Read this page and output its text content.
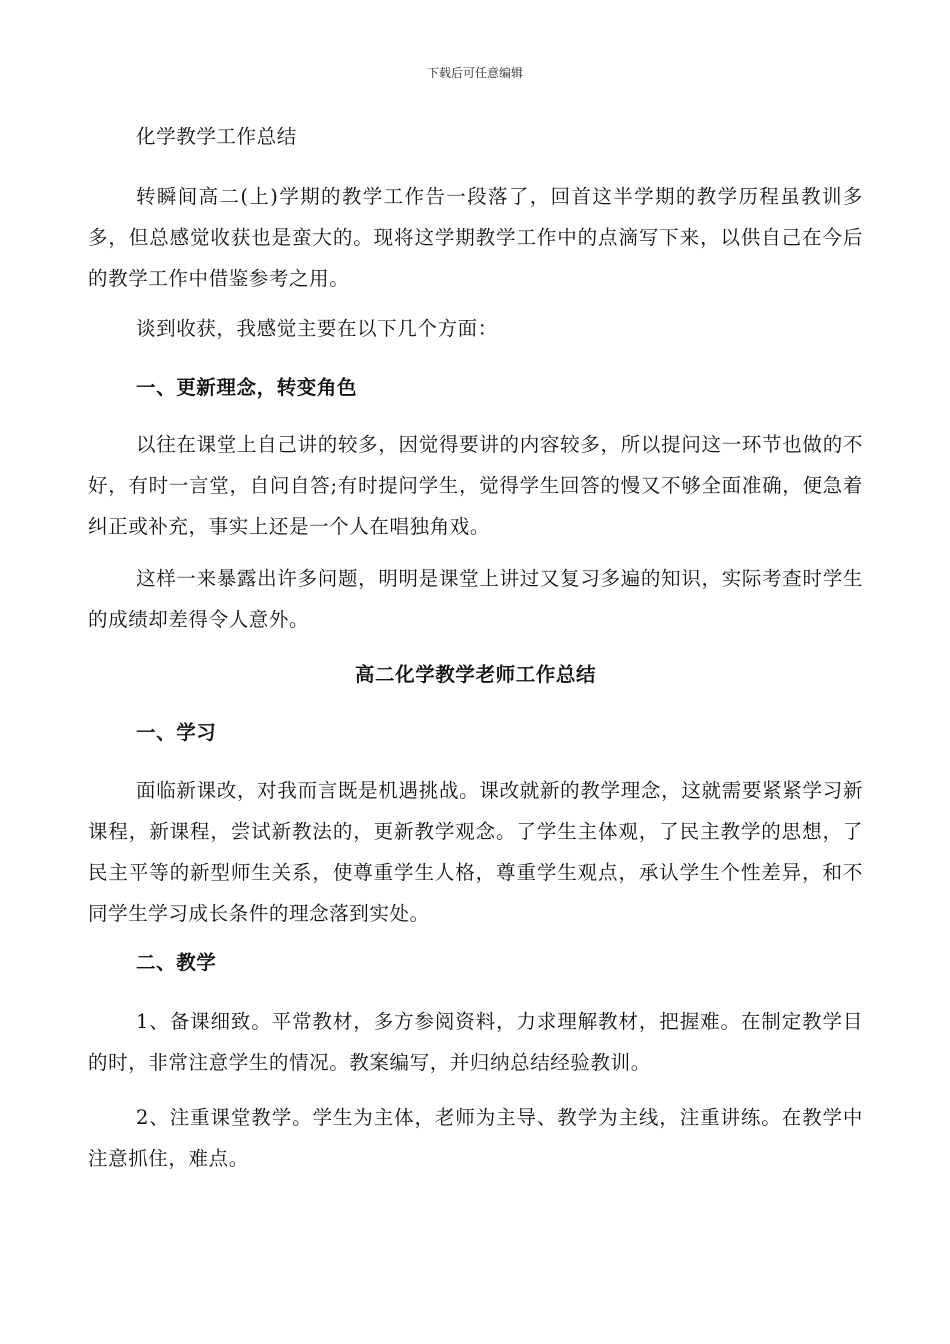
下载后可任意编辑

化学教学工作总结

转瞬间高二(上)学期的教学工作告一段落了，回首这半学期的教学历程虽教训多多，但总感觉收获也是蛮大的。现将这学期教学工作中的点滴写下来，以供自己在今后的教学工作中借鉴参考之用。

谈到收获，我感觉主要在以下几个方面：

一、更新理念，转变角色

以往在课堂上自己讲的较多，因觉得要讲的内容较多，所以提问这一环节也做的不好，有时一言堂，自问自答;有时提问学生，觉得学生回答的慢又不够全面准确，便急着纠正或补充，事实上还是一个人在唱独角戏。

这样一来暴露出许多问题，明明是课堂上讲过又复习多遍的知识，实际考查时学生的成绩却差得令人意外。

高二化学教学老师工作总结

一、学习

面临新课改，对我而言既是机遇挑战。课改就新的教学理念，这就需要紧紧学习新课程，新课程，尝试新教法的，更新教学观念。了学生主体观，了民主教学的思想，了民主平等的新型师生关系，使尊重学生人格，尊重学生观点，承认学生个性差异，和不同学生学习成长条件的理念落到实处。

二、教学

1、备课细致。平常教材，多方参阅资料，力求理解教材，把握难。在制定教学目的时，非常注意学生的情况。教案编写，并归纳总结经验教训。

2、注重课堂教学。学生为主体，老师为主导、教学为主线，注重讲练。在教学中注意抓住，难点。
